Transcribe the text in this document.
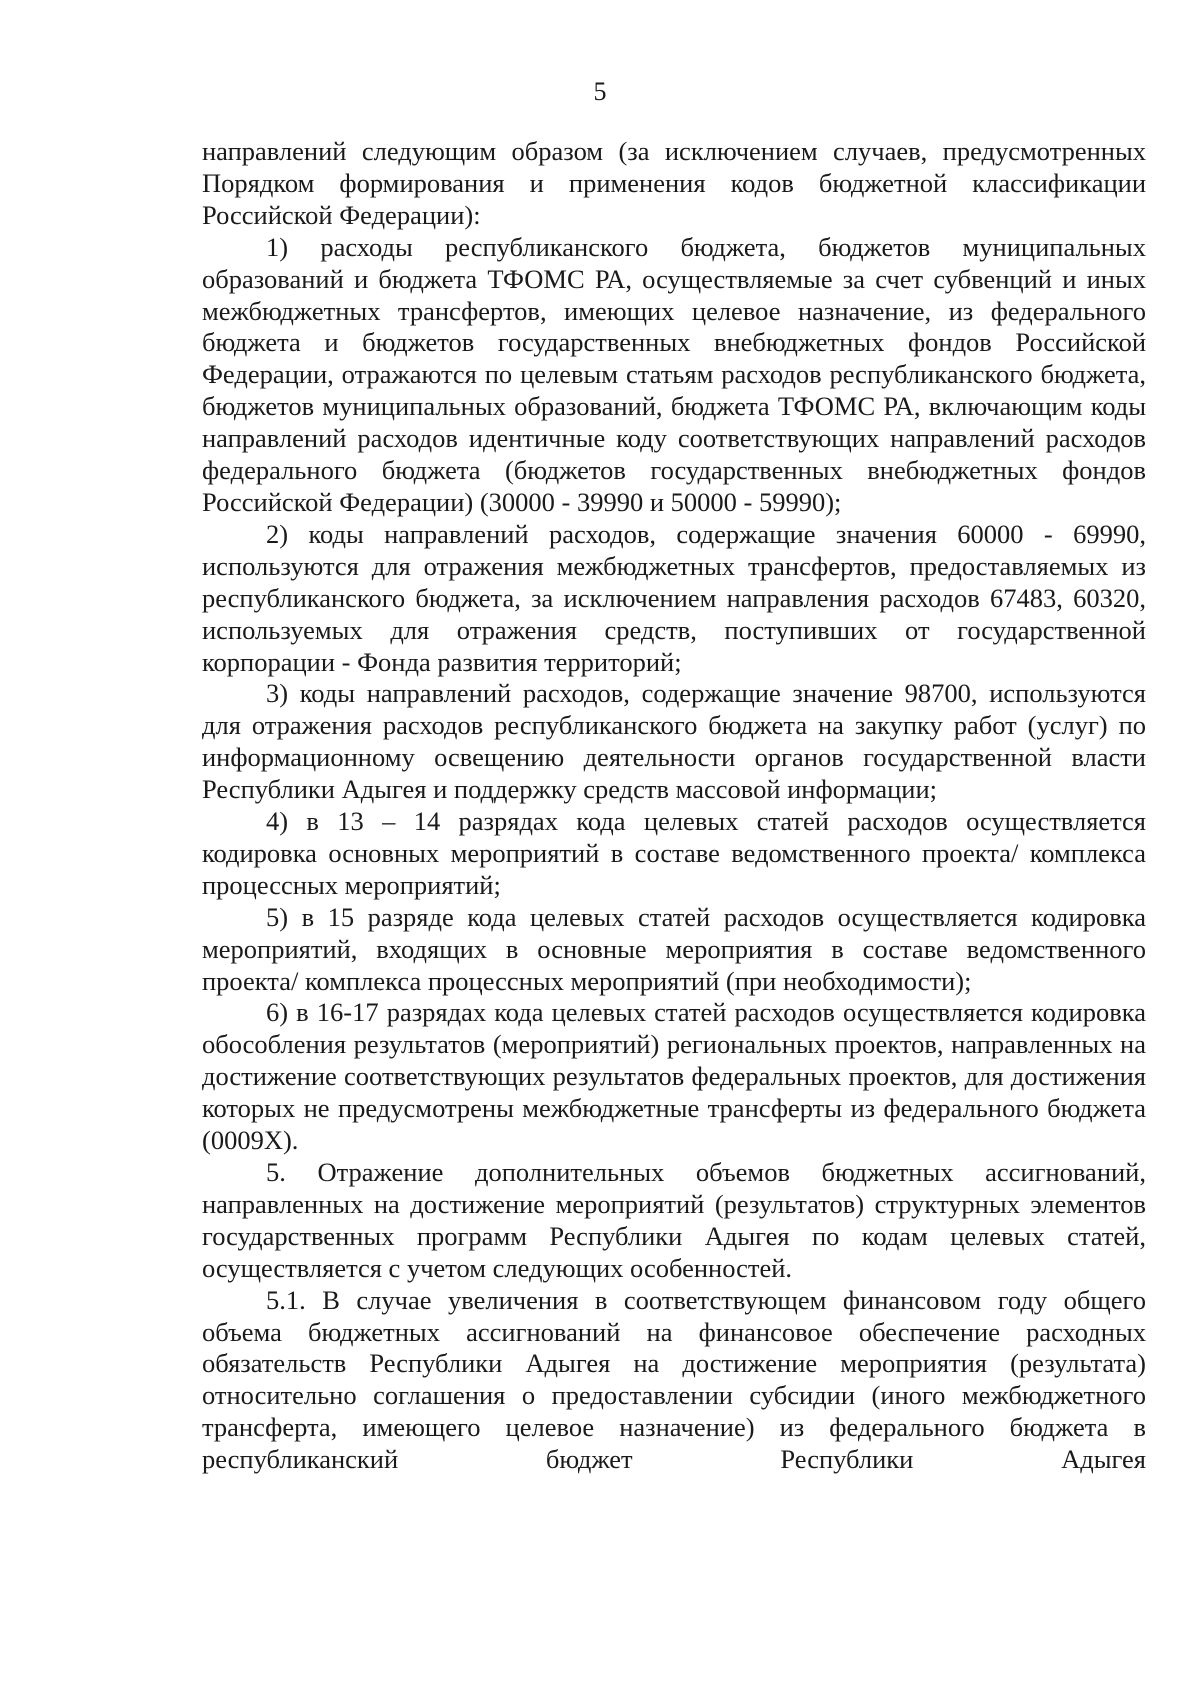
5

направлений следующим образом (за исключением случаев, предусмотренных Порядком формирования и применения кодов бюджетной классификации Российской Федерации):

1) расходы республиканского бюджета, бюджетов муниципальных образований и бюджета ТФОМС РА, осуществляемые за счет субвенций и иных межбюджетных трансфертов, имеющих целевое назначение, из федерального бюджета и бюджетов государственных внебюджетных фондов Российской Федерации, отражаются по целевым статьям расходов республиканского бюджета, бюджетов муниципальных образований, бюджета ТФОМС РА, включающим коды направлений расходов идентичные коду соответствующих направлений расходов федерального бюджета (бюджетов государственных внебюджетных фондов Российской Федерации) (30000 - 39990 и 50000 - 59990);

2) коды направлений расходов, содержащие значения 60000 - 69990, используются для отражения межбюджетных трансфертов, предоставляемых из республиканского бюджета, за исключением направления расходов 67483, 60320, используемых для отражения средств, поступивших от государственной корпорации - Фонда развития территорий;

3) коды направлений расходов, содержащие значение 98700, используются для отражения расходов республиканского бюджета на закупку работ (услуг) по информационному освещению деятельности органов государственной власти Республики Адыгея и поддержку средств массовой информации;

4) в 13 – 14 разрядах кода целевых статей расходов осуществляется кодировка основных мероприятий в составе ведомственного проекта/ комплекса процессных мероприятий;

5) в 15 разряде кода целевых статей расходов осуществляется кодировка мероприятий, входящих в основные мероприятия в составе ведомственного проекта/ комплекса процессных мероприятий (при необходимости);

6) в 16-17 разрядах кода целевых статей расходов осуществляется кодировка обособления результатов (мероприятий) региональных проектов, направленных на достижение соответствующих результатов федеральных проектов, для достижения которых не предусмотрены межбюджетные трансферты из федерального бюджета (0009Х).

5. Отражение дополнительных объемов бюджетных ассигнований, направленных на достижение мероприятий (результатов) структурных элементов государственных программ Республики Адыгея по кодам целевых статей, осуществляется с учетом следующих особенностей.

5.1. В случае увеличения в соответствующем финансовом году общего объема бюджетных ассигнований на финансовое обеспечение расходных обязательств Республики Адыгея на достижение мероприятия (результата) относительно соглашения о предоставлении субсидии (иного межбюджетного трансферта, имеющего целевое назначение) из федерального бюджета в республиканский бюджет Республики Адыгея
